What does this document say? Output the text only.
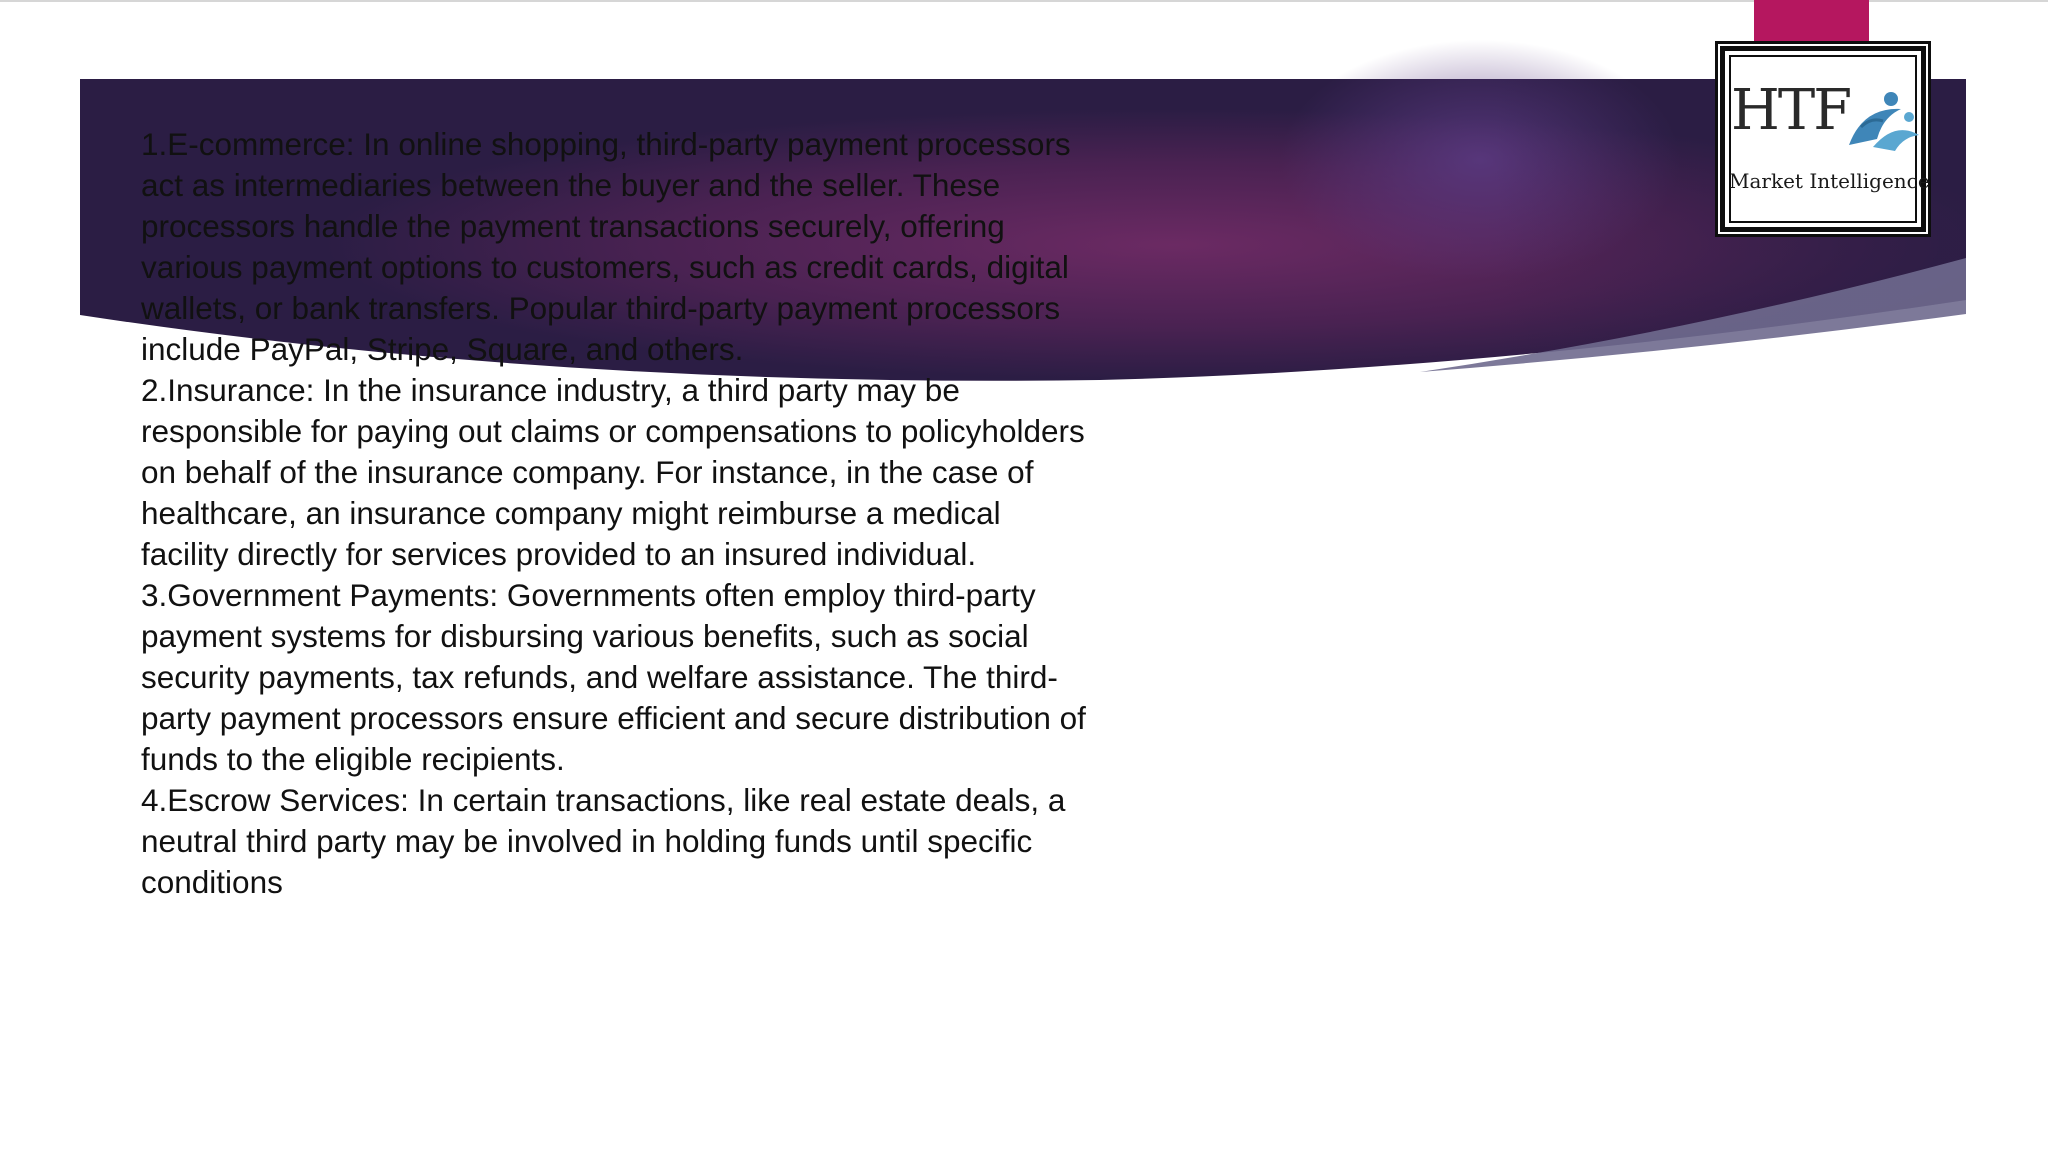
HTF
Market Intelligence

1.E-commerce: In online shopping, third-party payment processors act as intermediaries between the buyer and the seller. These processors handle the payment transactions securely, offering various payment options to customers, such as credit cards, digital wallets, or bank transfers. Popular third-party payment processors include PayPal, Stripe, Square, and others.

2.Insurance: In the insurance industry, a third party may be responsible for paying out claims or compensations to policyholders on behalf of the insurance company. For instance, in the case of healthcare, an insurance company might reimburse a medical facility directly for services provided to an insured individual.

3.Government Payments: Governments often employ third-party payment systems for disbursing various benefits, such as social security payments, tax refunds, and welfare assistance. The third-party payment processors ensure efficient and secure distribution of funds to the eligible recipients.

4.Escrow Services: In certain transactions, like real estate deals, a neutral third party may be involved in holding funds until specific conditions
